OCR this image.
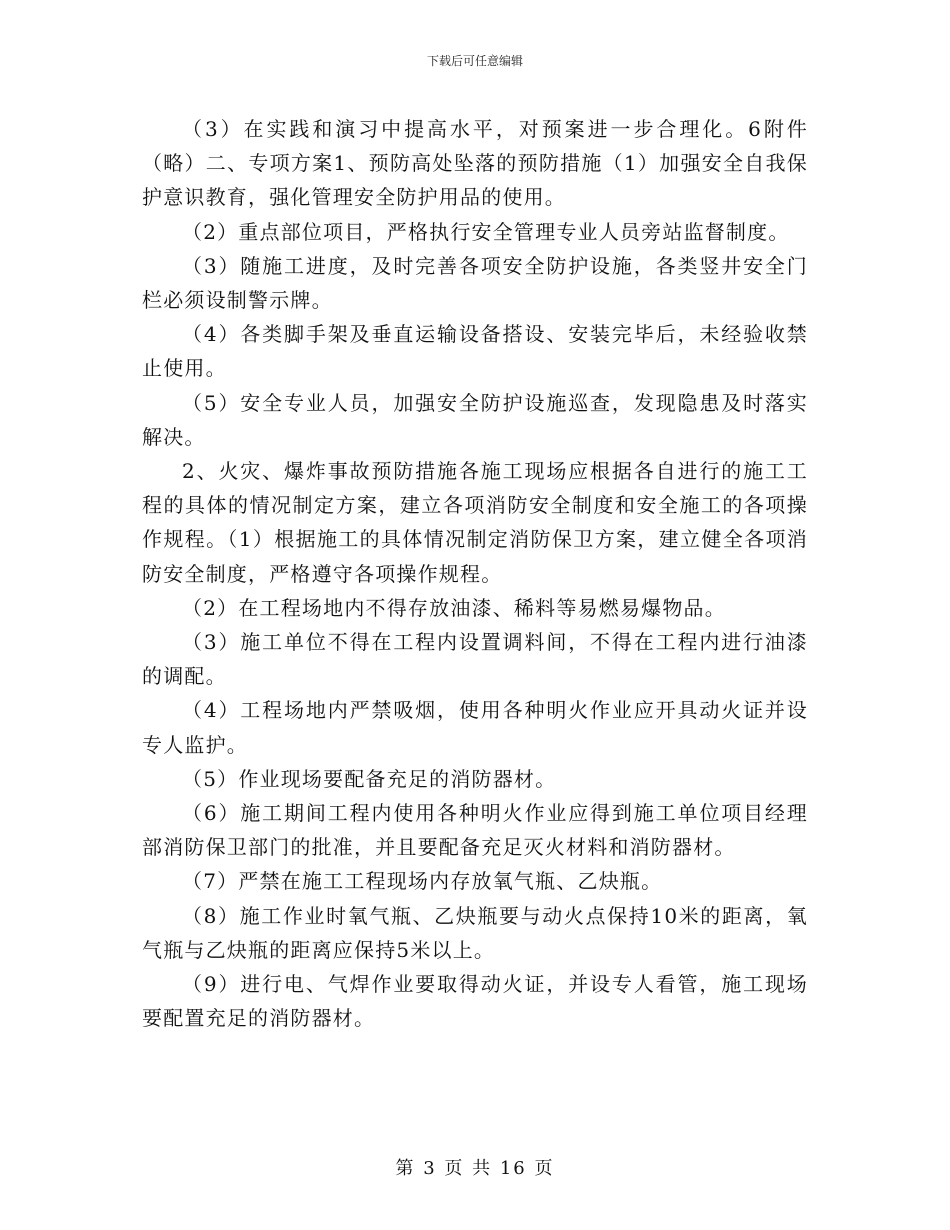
下载后可任意编辑

（3）在实践和演习中提高水平，对预案进一步合理化。6附件（略）二、专项方案1、预防高处坠落的预防措施（1）加强安全自我保护意识教育，强化管理安全防护用品的使用。

（2）重点部位项目，严格执行安全管理专业人员旁站监督制度。

（3）随施工进度，及时完善各项安全防护设施，各类竖井安全门栏必须设制警示牌。

（4）各类脚手架及垂直运输设备搭设、安装完毕后，未经验收禁止使用。

（5）安全专业人员，加强安全防护设施巡查，发现隐患及时落实解决。

2、火灾、爆炸事故预防措施各施工现场应根据各自进行的施工工程的具体的情况制定方案，建立各项消防安全制度和安全施工的各项操作规程。（1）根据施工的具体情况制定消防保卫方案，建立健全各项消防安全制度，严格遵守各项操作规程。

（2）在工程场地内不得存放油漆、稀料等易燃易爆物品。

（3）施工单位不得在工程内设置调料间，不得在工程内进行油漆的调配。

（4）工程场地内严禁吸烟，使用各种明火作业应开具动火证并设专人监护。

（5）作业现场要配备充足的消防器材。

（6）施工期间工程内使用各种明火作业应得到施工单位项目经理部消防保卫部门的批准，并且要配备充足灭火材料和消防器材。

（7）严禁在施工工程现场内存放氧气瓶、乙炔瓶。

（8）施工作业时氧气瓶、乙炔瓶要与动火点保持10米的距离，氧气瓶与乙炔瓶的距离应保持5米以上。

（9）进行电、气焊作业要取得动火证，并设专人看管，施工现场要配置充足的消防器材。

第 3 页 共 16 页
